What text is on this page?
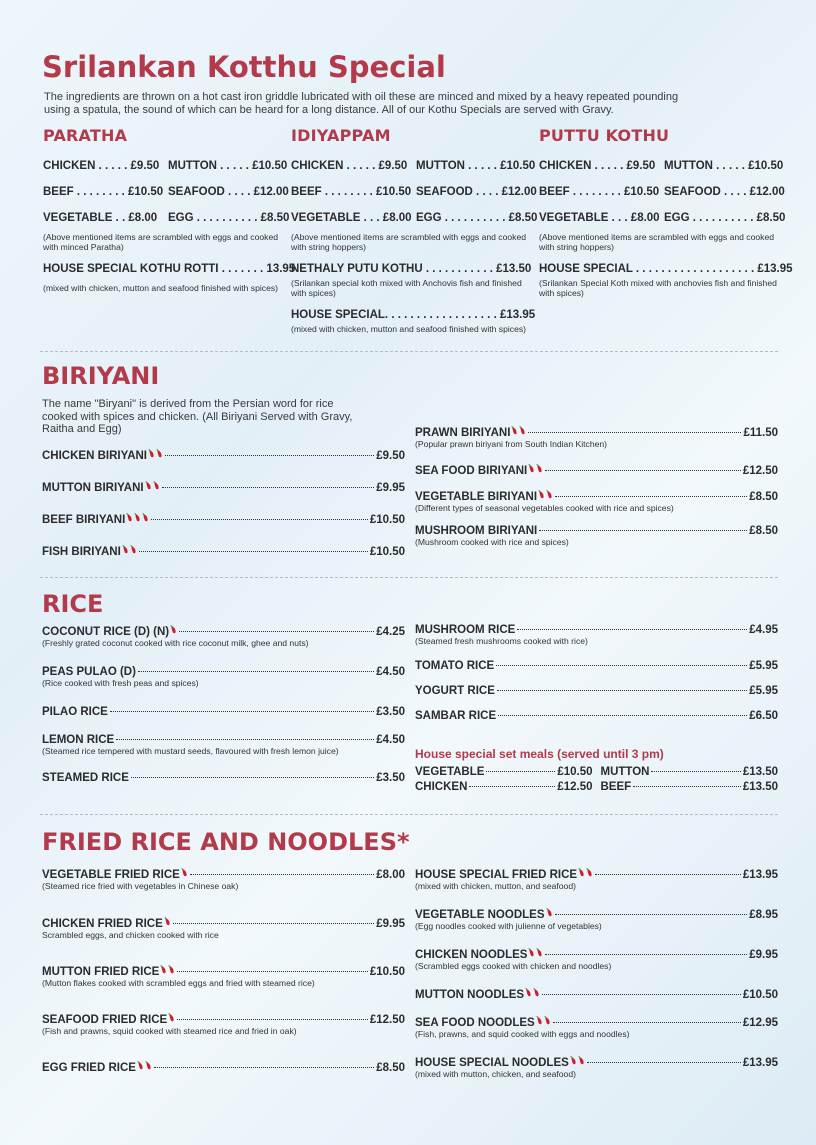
Srilankan Kotthu Special
The ingredients are thrown on a hot cast iron griddle lubricated with oil these are minced and mixed by a heavy repeated pounding
using a spatula, the sound of which can be heard for a long distance. All of our Kothu Specials are served with Gravy.
PARATHA
CHICKEN . . . . . £9.50 MUTTON . . . . . £10.50
BEEF . . . . . . . . £10.50 SEAFOOD . . . . £12.00
VEGETABLE . . £8.00 EGG . . . . . . . . . . £8.50
(Above mentioned items are scrambled with eggs and cooked
with minced Paratha)
HOUSE SPECIAL KOTHU ROTTI . . . . . . . 13.95
(mixed with chicken, mutton and seafood finished with spices)
IDIYAPPAM
CHICKEN . . . . . £9.50 MUTTON . . . . . £10.50
BEEF . . . . . . . . £10.50 SEAFOOD . . . . £12.00
VEGETABLE . . . £8.00 EGG . . . . . . . . . . £8.50
(Above mentioned items are scrambled with eggs and cooked
with string hoppers)
NETHALY PUTU KOTHU . . . . . . . . . . . £13.50
(Srilankan special koth mixed with Anchovis fish and finished
with spices)
HOUSE SPECIAL. . . . . . . . . . . . . . . . . . £13.95
(mixed with chicken, mutton and seafood finished with spices)
PUTTU KOTHU
CHICKEN . . . . . £9.50 MUTTON . . . . . £10.50
BEEF . . . . . . . . £10.50 SEAFOOD . . . . £12.00
VEGETABLE . . . £8.00 EGG . . . . . . . . . . £8.50
(Above mentioned items are scrambled with eggs and cooked
with string hoppers)
HOUSE SPECIAL . . . . . . . . . . . . . . . . . . . £13.95
(Srilankan Special Koth mixed with anchovies fish and finished
with spices)
BIRIYANI
The name "Biryani" is derived from the Persian word for rice
cooked with spices and chicken. (All Biriyani Served with Gravy,
Raitha and Egg)
CHICKEN BIRIYANI	£9.50
MUTTON BIRIYANI	£9.95
BEEF BIRIYANI	£10.50
FISH BIRIYANI	£10.50
PRAWN BIRIYANI	£11.50
(Popular prawn biriyani from South Indian Kitchen)
SEA FOOD BIRIYANI	£12.50
VEGETABLE BIRIYANI	£8.50
(Different types of seasonal vegetables cooked with rice and spices)
MUSHROOM BIRIYANI	£8.50
(Mushroom cooked with rice and spices)
RICE
COCONUT RICE (D) (N)	£4.25
(Freshly grated coconut cooked with rice coconut milk, ghee and nuts)
PEAS PULAO (D)	£4.50
(Rice cooked with fresh peas and spices)
PILAO RICE	£3.50
LEMON RICE	£4.50
(Steamed rice tempered with mustard seeds, flavoured with fresh lemon juice)
STEAMED RICE	£3.50
MUSHROOM RICE	£4.95
(Steamed fresh mushrooms cooked with rice)
TOMATO RICE	£5.95
YOGURT RICE	£5.95
SAMBAR RICE	£6.50
House special set meals (served until 3 pm)
VEGETABLE	£10.50 MUTTON	£13.50
CHICKEN	£12.50 BEEF	£13.50
FRIED RICE AND NOODLES*
VEGETABLE FRIED RICE	£8.00
(Steamed rice fried with vegetables in Chinese oak)
CHICKEN FRIED RICE	£9.95
Scrambled eggs, and chicken cooked with rice
MUTTON FRIED RICE	£10.50
(Mutton flakes cooked with scrambled eggs and fried with steamed rice)
SEAFOOD FRIED RICE	£12.50
(Fish and prawns, squid cooked with steamed rice and fried in oak)
EGG FRIED RICE	£8.50
HOUSE SPECIAL FRIED RICE	£13.95
(mixed with chicken, mutton, and seafood)
VEGETABLE NOODLES	£8.95
(Egg noodles cooked with julienne of vegetables)
CHICKEN NOODLES	£9.95
(Scrambled eggs cooked with chicken and noodles)
MUTTON NOODLES	£10.50
SEA FOOD NOODLES	£12.95
(Fish, prawns, and squid cooked with eggs and noodles)
HOUSE SPECIAL NOODLES	£13.95
(mixed with mutton, chicken, and seafood)
